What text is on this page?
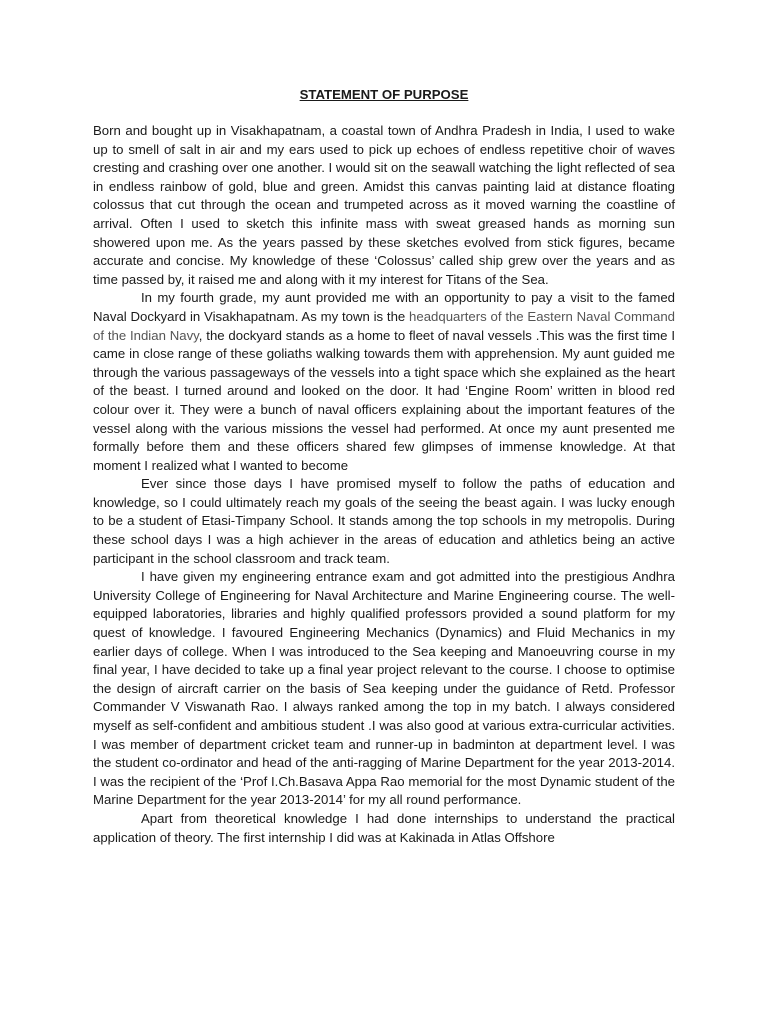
STATEMENT OF PURPOSE

Born and bought up in Visakhapatnam, a coastal town of Andhra Pradesh in India, I used to wake up to smell of salt in air and my ears used to pick up echoes of endless repetitive choir of waves cresting and crashing over one another. I would sit on the seawall watching the light reflected of sea in endless rainbow of gold, blue and green. Amidst this canvas painting laid at distance floating colossus that cut through the ocean and trumpeted across as it moved warning the coastline of arrival. Often I used to sketch this infinite mass with sweat greased hands as morning sun showered upon me. As the years passed by these sketches evolved from stick figures, became accurate and concise. My knowledge of these ‘Colossus’ called ship grew over the years and as time passed by, it raised me and along with it my interest for Titans of the Sea.

In my fourth grade, my aunt provided me with an opportunity to pay a visit to the famed Naval Dockyard in Visakhapatnam. As my town is the headquarters of the Eastern Naval Command of the Indian Navy, the dockyard stands as a home to fleet of naval vessels .This was the first time I came in close range of these goliaths walking towards them with apprehension. My aunt guided me through the various passageways of the vessels into a tight space which she explained as the heart of the beast. I turned around and looked on the door. It had ‘Engine Room’ written in blood red colour over it. They were a bunch of naval officers explaining about the important features of the vessel along with the various missions the vessel had performed. At once my aunt presented me formally before them and these officers shared few glimpses of immense knowledge. At that moment I realized what I wanted to become

Ever since those days I have promised myself to follow the paths of education and knowledge, so I could ultimately reach my goals of the seeing the beast again. I was lucky enough to be a student of Etasi-Timpany School. It stands among the top schools in my metropolis. During these school days I was a high achiever in the areas of education and athletics being an active participant in the school classroom and track team.

I have given my engineering entrance exam and got admitted into the prestigious Andhra University College of Engineering for Naval Architecture and Marine Engineering course. The well-equipped laboratories, libraries and highly qualified professors provided a sound platform for my quest of knowledge. I favoured Engineering Mechanics (Dynamics) and Fluid Mechanics in my earlier days of college. When I was introduced to the Sea keeping and Manoeuvring course in my final year, I have decided to take up a final year project relevant to the course. I choose to optimise the design of aircraft carrier on the basis of Sea keeping under the guidance of Retd. Professor Commander V Viswanath Rao. I always ranked among the top in my batch. I always considered myself as self-confident and ambitious student .I was also good at various extra-curricular activities. I was member of department cricket team and runner-up in badminton at department level. I was the student co-ordinator and head of the anti-ragging of Marine Department for the year 2013-2014. I was the recipient of the ‘Prof I.Ch.Basava Appa Rao memorial for the most Dynamic student of the Marine Department for the year 2013-2014’ for my all round performance.

Apart from theoretical knowledge I had done internships to understand the practical application of theory. The first internship I did was at Kakinada in Atlas Offshore
